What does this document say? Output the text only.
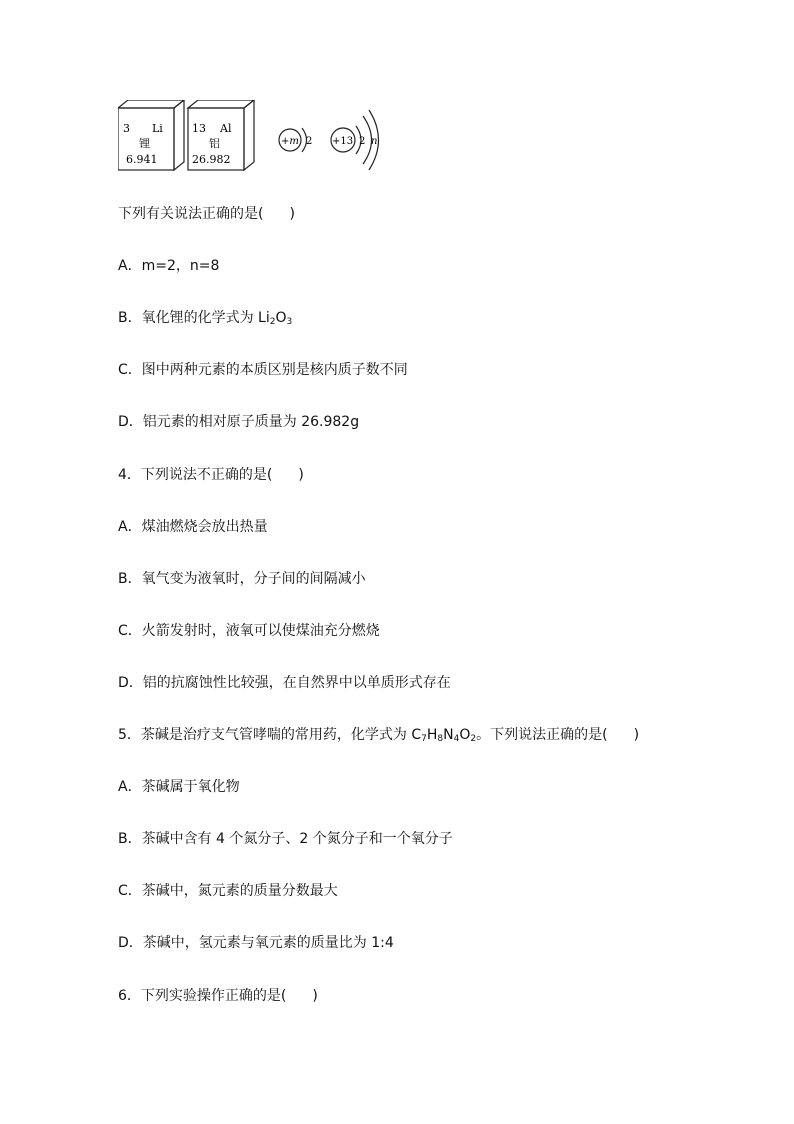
3 Li
锂
6.941
13 Al
铝
26.982
+m 2 +13 2 n
下列有关说法正确的是( )
A．m=2，n=8
B．氧化锂的化学式为 $Li_2O_3$
C．图中两种元素的本质区别是核内质子数不同
D．铝元素的相对原子质量为 26.982g
4．下列说法不正确的是( )
A．煤油燃烧会放出热量
B．氧气变为液氧时，分子间的间隔减小
C．火箭发射时，液氧可以使煤油充分燃烧
D．铝的抗腐蚀性比较强，在自然界中以单质形式存在
5．茶碱是治疗支气管哮喘的常用药，化学式为 $C_7H_8N_4O_2$。下列说法正确的是( )
A．茶碱属于氧化物
B．茶碱中含有 4 个氮分子、2 个氮分子和一个氧分子
C．茶碱中，氮元素的质量分数最大
D．茶碱中，氢元素与氧元素的质量比为 1:4
6．下列实验操作正确的是( )
